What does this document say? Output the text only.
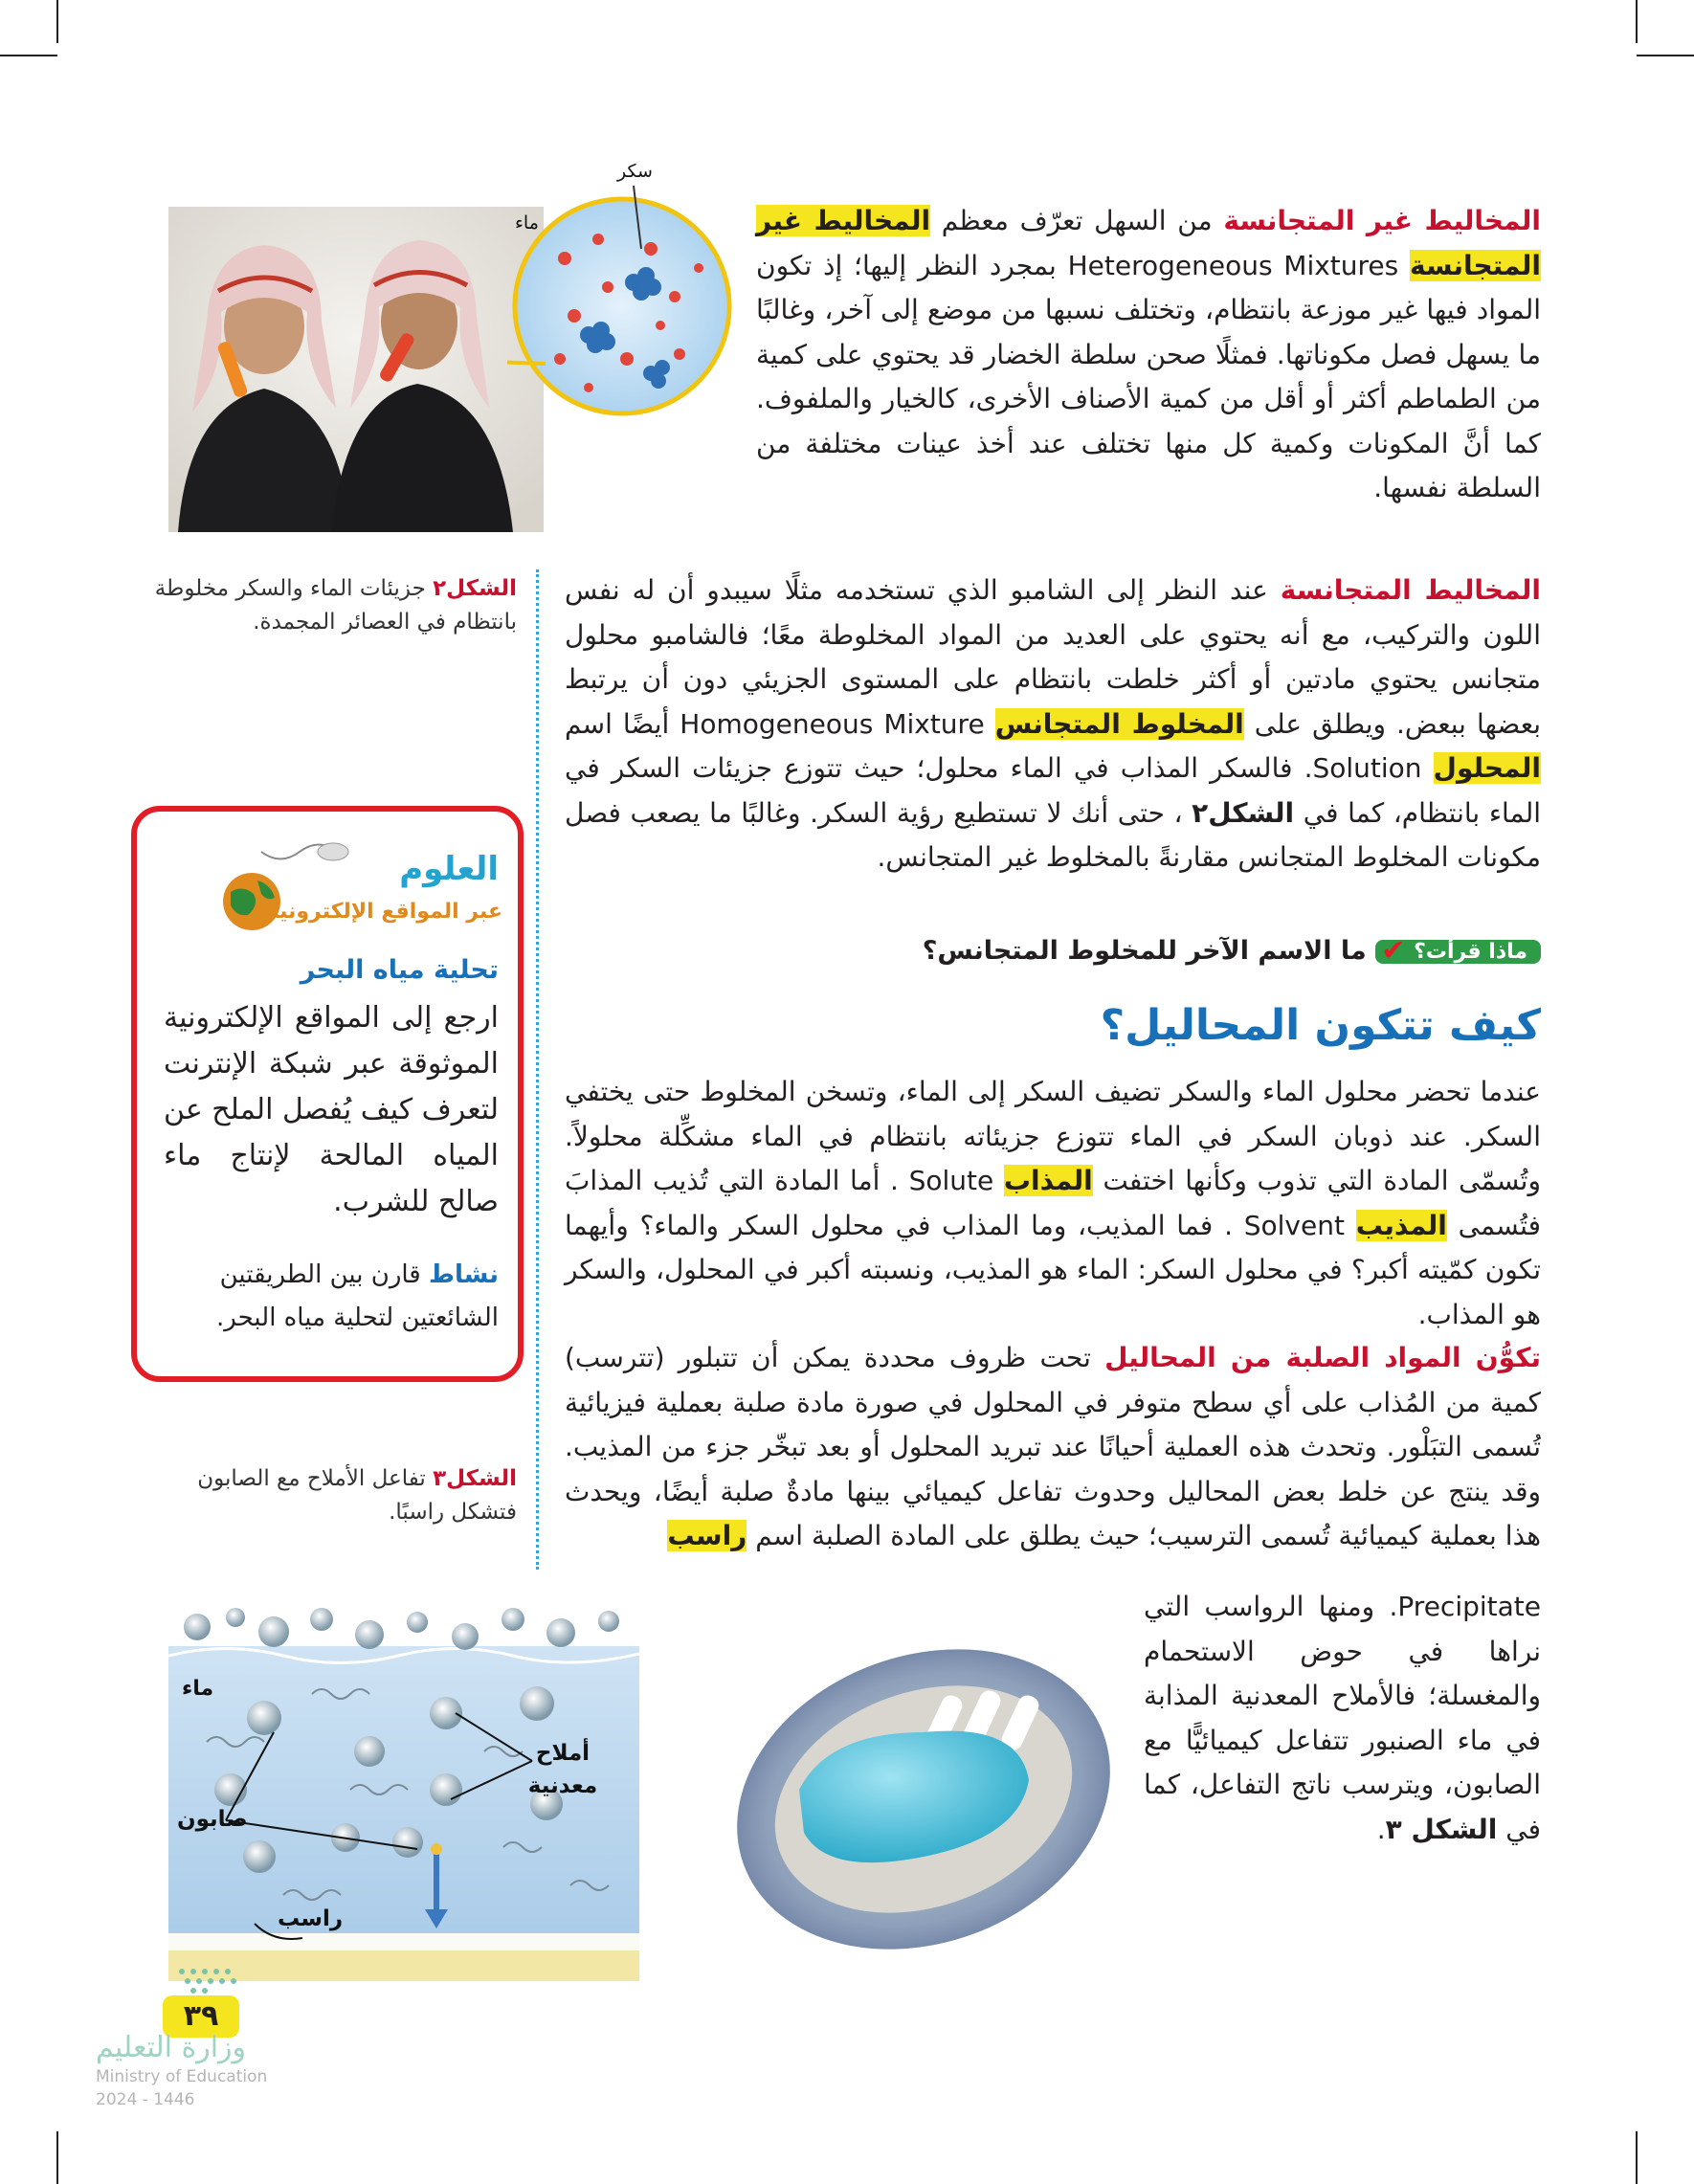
سكر
ماء
الشكل٢ جزيئات الماء والسكر مخلوطة بانتظام في العصائر المجمدة.
المخاليط غير المتجانسة من السهل تعرّف معظم المخاليط غير المتجانسة Heterogeneous Mixtures بمجرد النظر إليها؛ إذ تكون المواد فيها غير موزعة بانتظام، وتختلف نسبها من موضع إلى آخر، وغالبًا ما يسهل فصل مكوناتها. فمثلًا صحن سلطة الخضار قد يحتوي على كمية من الطماطم أكثر أو أقل من كمية الأصناف الأخرى، كالخيار والملفوف. كما أنَّ المكونات وكمية كل منها تختلف عند أخذ عينات مختلفة من السلطة نفسها.
المخاليط المتجانسة عند النظر إلى الشامبو الذي تستخدمه مثلًا سيبدو أن له نفس اللون والتركيب، مع أنه يحتوي على العديد من المواد المخلوطة معًا؛ فالشامبو محلول متجانس يحتوي مادتين أو أكثر خلطت بانتظام على المستوى الجزيئي دون أن يرتبط بعضها ببعض. ويطلق على المخلوط المتجانس Homogeneous Mixture أيضًا اسم المحلول Solution. فالسكر المذاب في الماء محلول؛ حيث تتوزع جزيئات السكر في الماء بانتظام، كما في الشكل٢ ، حتى أنك لا تستطيع رؤية السكر. وغالبًا ما يصعب فصل مكونات المخلوط المتجانس مقارنةً بالمخلوط غير المتجانس.
ماذا قرأت؟
✔
ما الاسم الآخر للمخلوط المتجانس؟
كيف تتكون المحاليل؟
عندما تحضر محلول الماء والسكر تضيف السكر إلى الماء، وتسخن المخلوط حتى يختفي السكر. عند ذوبان السكر في الماء تتوزع جزيئاته بانتظام في الماء مشكِّلة محلولاً. وتُسمّى المادة التي تذوب وكأنها اختفت المذاب Solute . أما المادة التي تُذيب المذابَ فتُسمى المذيب Solvent . فما المذيب، وما المذاب في محلول السكر والماء؟ وأيهما تكون كمّيته أكبر؟ في محلول السكر: الماء هو المذيب، ونسبته أكبر في المحلول، والسكر هو المذاب.
تكوُّن المواد الصلبة من المحاليل تحت ظروف محددة يمكن أن تتبلور (تترسب) كمية من المُذاب على أي سطح متوفر في المحلول في صورة مادة صلبة بعملية فيزيائية تُسمى التبَلْور. وتحدث هذه العملية أحيانًا عند تبريد المحلول أو بعد تبخّر جزء من المذيب. وقد ينتج عن خلط بعض المحاليل وحدوث تفاعل كيميائي بينها مادةٌ صلبة أيضًا، ويحدث هذا بعملية كيميائية تُسمى الترسيب؛ حيث يطلق على المادة الصلبة اسم راسب
Precipitate. ومنها الرواسب التي نراها في حوض الاستحمام والمغسلة؛ فالأملاح المعدنية المذابة في ماء الصنبور تتفاعل كيميائيًّا مع الصابون، ويترسب ناتج التفاعل، كما في الشكل ٣.
العلوم
عبر المواقع الإلكترونية
تحلية مياه البحر
ارجع إلى المواقع الإلكترونية الموثوقة عبر شبكة الإنترنت لتعرف كيف يُفصل الملح عن المياه المالحة لإنتاج ماء صالح للشرب.
نشاط قارن بين الطريقتين الشائعتين لتحلية مياه البحر.
الشكل٣ تفاعل الأملاح مع الصابون فتشكل راسبًا.
ماء
أملاح معدنية
صابون
راسب
٣٩
وزارة التعليم
Ministry of Education
2024 - 1446
